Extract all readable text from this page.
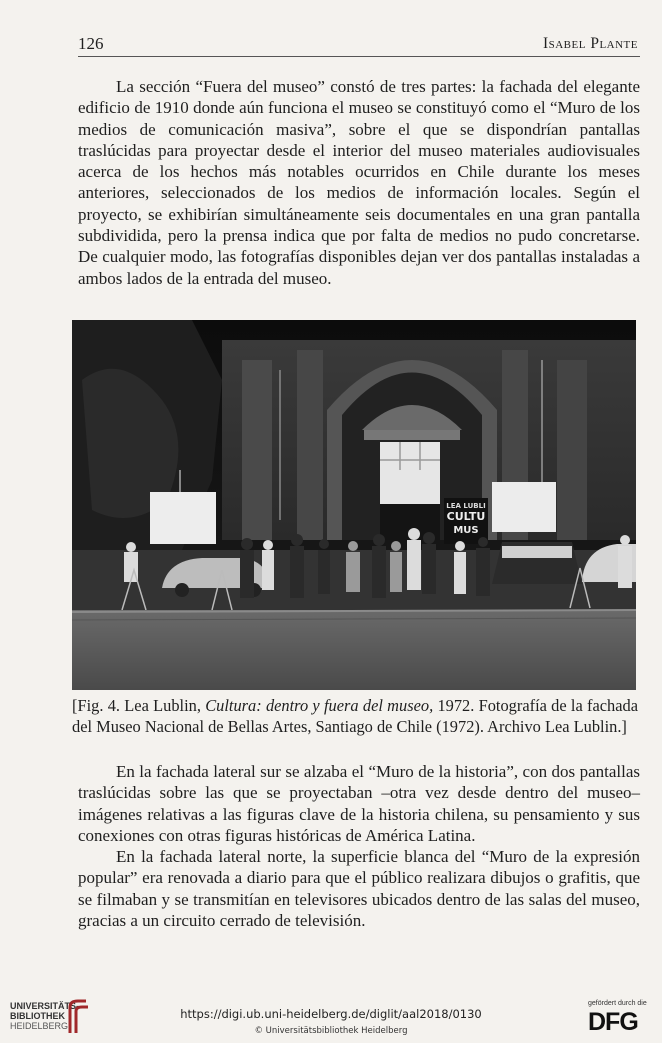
126	Isabel Plante

La sección “Fuera del museo” constó de tres partes: la fachada del elegante edificio de 1910 donde aún funciona el museo se constituyó como el “Muro de los medios de comunicación masiva”, sobre el que se dispondrían pantallas traslúcidas para proyectar desde el interior del museo materiales audiovisuales acerca de los hechos más notables ocurridos en Chile durante los meses anteriores, seleccionados de los medios de información locales. Según el proyecto, se exhibirían simultáneamente seis documentales en una gran pantalla subdividida, pero la prensa indica que por falta de medios no pudo concretarse. De cualquier modo, las fotografías disponibles dejan ver dos pantallas instaladas a ambos lados de la entrada del museo.

LEA LUBLI
CULTU
MUS

[Fig. 4. Lea Lublin, Cultura: dentro y fuera del museo, 1972. Fotografía de la fachada del Museo Nacional de Bellas Artes, Santiago de Chile (1972). Archivo Lea Lublin.]

En la fachada lateral sur se alzaba el “Muro de la historia”, con dos pantallas traslúcidas sobre las que se proyectaban –otra vez desde dentro del museo– imágenes relativas a las figuras clave de la historia chilena, su pensamiento y sus conexiones con otras figuras históricas de América Latina.

En la fachada lateral norte, la superficie blanca del “Muro de la expresión popular” era renovada a diario para que el público realizara dibujos o grafitis, que se filmaban y se transmitían en televisores ubicados dentro de las salas del museo, gracias a un circuito cerrado de televisión.

UNIVERSITÄTS-
BIBLIOTHEK
HEIDELBERG
https://digi.ub.uni-heidelberg.de/diglit/aal2018/0130
© Universitätsbibliothek Heidelberg
gefördert durch die
DFG
